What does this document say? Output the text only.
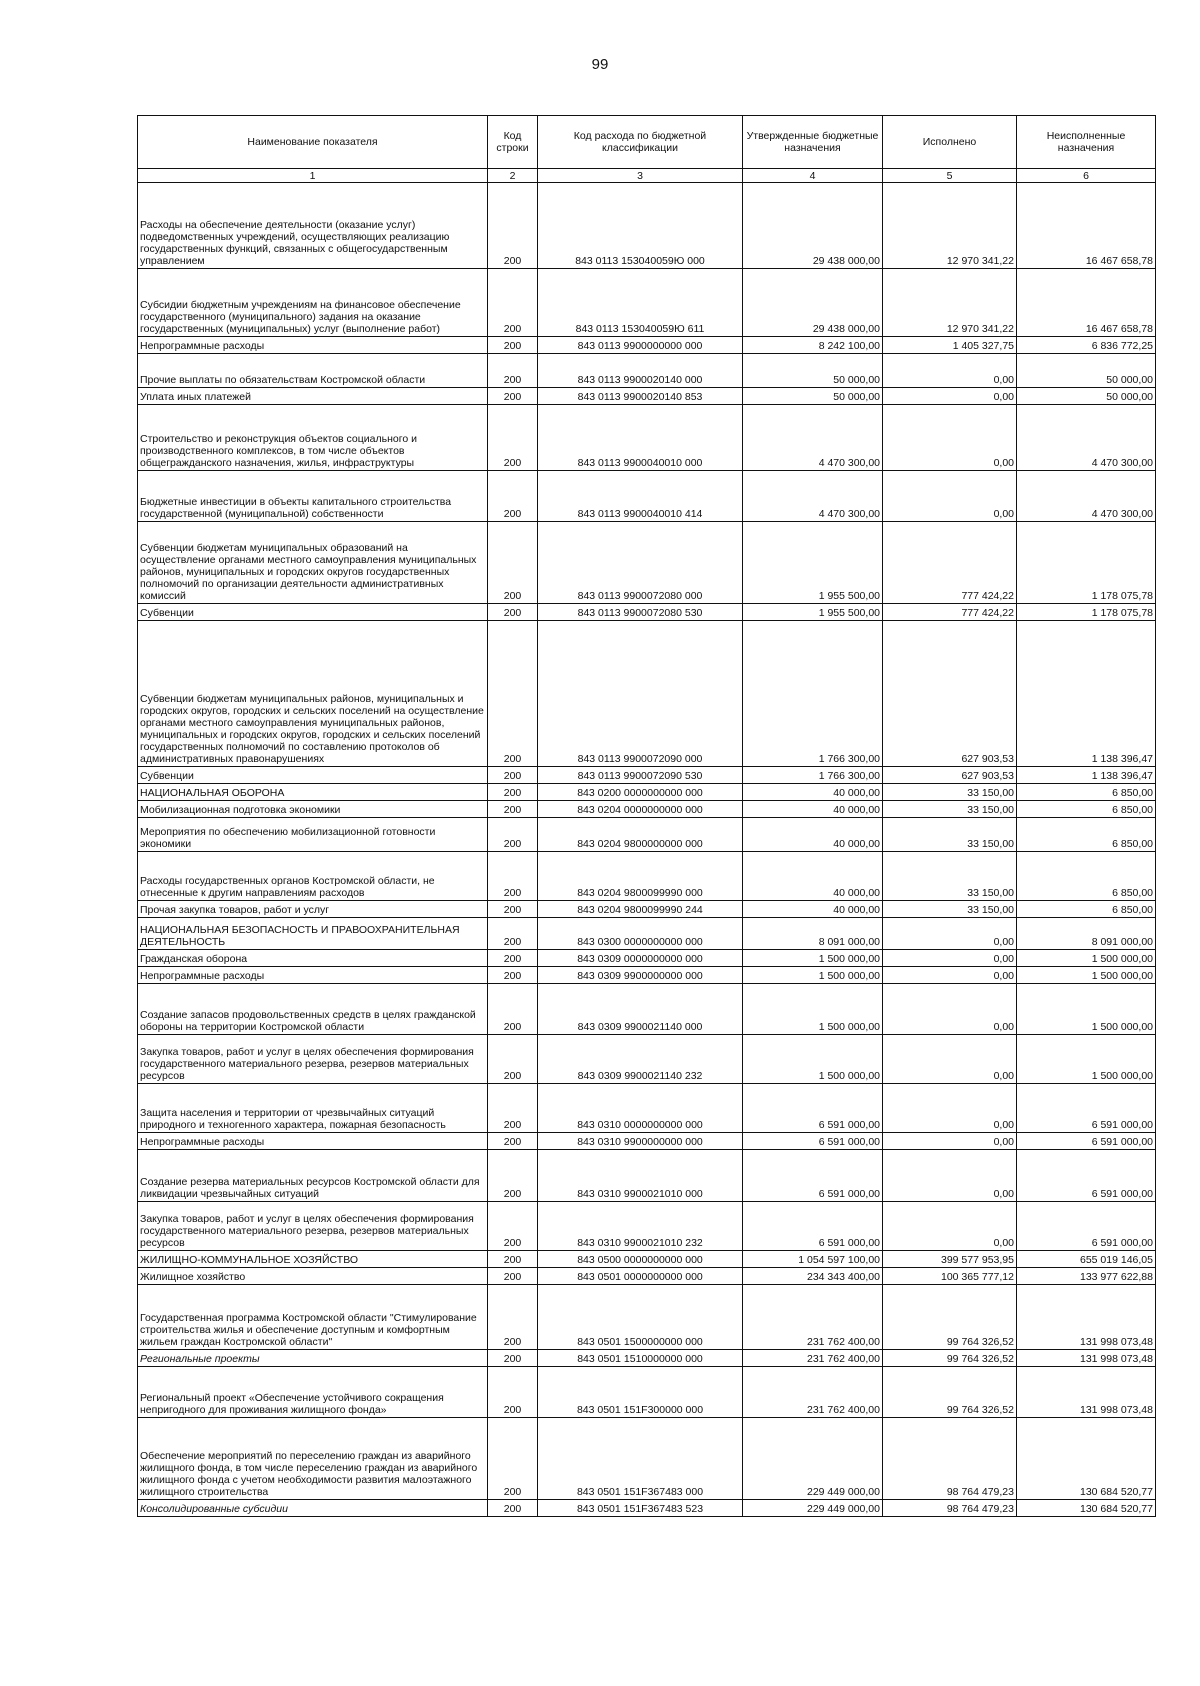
99
Наименование показателя	Код строки	Код расхода по бюджетной классификации	Утвержденные бюджетные назначения	Исполнено	Неисполненные назначения
1	2	3	4	5	6
Расходы на обеспечение деятельности (оказание услуг) подведомственных учреждений, осуществляющих реализацию государственных функций, связанных с общегосударственным управлением	200	843 0113 153040059Ю 000	29 438 000,00	12 970 341,22	16 467 658,78
Субсидии бюджетным учреждениям на финансовое обеспечение государственного (муниципального) задания на оказание государственных (муниципальных) услуг (выполнение работ)	200	843 0113 153040059Ю 611	29 438 000,00	12 970 341,22	16 467 658,78
Непрограммные расходы	200	843 0113 9900000000 000	8 242 100,00	1 405 327,75	6 836 772,25
Прочие выплаты по обязательствам Костромской области	200	843 0113 9900020140 000	50 000,00	0,00	50 000,00
Уплата иных платежей	200	843 0113 9900020140 853	50 000,00	0,00	50 000,00
Строительство и реконструкция объектов социального и производственного комплексов, в том числе объектов общегражданского назначения, жилья, инфраструктуры	200	843 0113 9900040010 000	4 470 300,00	0,00	4 470 300,00
Бюджетные инвестиции в объекты капитального строительства государственной (муниципальной) собственности	200	843 0113 9900040010 414	4 470 300,00	0,00	4 470 300,00
Субвенции бюджетам муниципальных образований на осуществление органами местного самоуправления муниципальных районов, муниципальных и городских округов государственных полномочий по организации деятельности административных комиссий	200	843 0113 9900072080 000	1 955 500,00	777 424,22	1 178 075,78
Субвенции	200	843 0113 9900072080 530	1 955 500,00	777 424,22	1 178 075,78
Субвенции бюджетам муниципальных районов, муниципальных и городских округов, городских и сельских поселений на осуществление органами местного самоуправления муниципальных районов, муниципальных и городских округов, городских и сельских поселений государственных полномочий по составлению протоколов об административных правонарушениях	200	843 0113 9900072090 000	1 766 300,00	627 903,53	1 138 396,47
Субвенции	200	843 0113 9900072090 530	1 766 300,00	627 903,53	1 138 396,47
НАЦИОНАЛЬНАЯ ОБОРОНА	200	843 0200 0000000000 000	40 000,00	33 150,00	6 850,00
Мобилизационная подготовка экономики	200	843 0204 0000000000 000	40 000,00	33 150,00	6 850,00
Мероприятия по обеспечению мобилизационной готовности экономики	200	843 0204 9800000000 000	40 000,00	33 150,00	6 850,00
Расходы государственных органов Костромской области, не отнесенные к другим направлениям расходов	200	843 0204 9800099990 000	40 000,00	33 150,00	6 850,00
Прочая закупка товаров, работ и услуг	200	843 0204 9800099990 244	40 000,00	33 150,00	6 850,00
НАЦИОНАЛЬНАЯ БЕЗОПАСНОСТЬ И ПРАВООХРАНИТЕЛЬНАЯ ДЕЯТЕЛЬНОСТЬ	200	843 0300 0000000000 000	8 091 000,00	0,00	8 091 000,00
Гражданская оборона	200	843 0309 0000000000 000	1 500 000,00	0,00	1 500 000,00
Непрограммные расходы	200	843 0309 9900000000 000	1 500 000,00	0,00	1 500 000,00
Создание запасов продовольственных средств в целях гражданской обороны на территории Костромской области	200	843 0309 9900021140 000	1 500 000,00	0,00	1 500 000,00
Закупка товаров, работ и услуг в целях обеспечения формирования государственного материального резерва, резервов материальных ресурсов	200	843 0309 9900021140 232	1 500 000,00	0,00	1 500 000,00
Защита населения и территории от чрезвычайных ситуаций природного и техногенного характера, пожарная безопасность	200	843 0310 0000000000 000	6 591 000,00	0,00	6 591 000,00
Непрограммные расходы	200	843 0310 9900000000 000	6 591 000,00	0,00	6 591 000,00
Создание резерва материальных ресурсов Костромской области для ликвидации чрезвычайных ситуаций	200	843 0310 9900021010 000	6 591 000,00	0,00	6 591 000,00
Закупка товаров, работ и услуг в целях обеспечения формирования государственного материального резерва, резервов материальных ресурсов	200	843 0310 9900021010 232	6 591 000,00	0,00	6 591 000,00
ЖИЛИЩНО-КОММУНАЛЬНОЕ ХОЗЯЙСТВО	200	843 0500 0000000000 000	1 054 597 100,00	399 577 953,95	655 019 146,05
Жилищное хозяйство	200	843 0501 0000000000 000	234 343 400,00	100 365 777,12	133 977 622,88
Государственная программа Костромской области "Стимулирование строительства жилья и обеспечение доступным и комфортным жильем граждан Костромской области"	200	843 0501 1500000000 000	231 762 400,00	99 764 326,52	131 998 073,48
Региональные проекты	200	843 0501 1510000000 000	231 762 400,00	99 764 326,52	131 998 073,48
Региональный проект «Обеспечение устойчивого сокращения непригодного для проживания жилищного фонда»	200	843 0501 151F300000 000	231 762 400,00	99 764 326,52	131 998 073,48
Обеспечение мероприятий по переселению граждан из аварийного жилищного фонда, в том числе переселению граждан из аварийного жилищного фонда с учетом необходимости развития малоэтажного жилищного строительства	200	843 0501 151F367483 000	229 449 000,00	98 764 479,23	130 684 520,77
Консолидированные субсидии	200	843 0501 151F367483 523	229 449 000,00	98 764 479,23	130 684 520,77
